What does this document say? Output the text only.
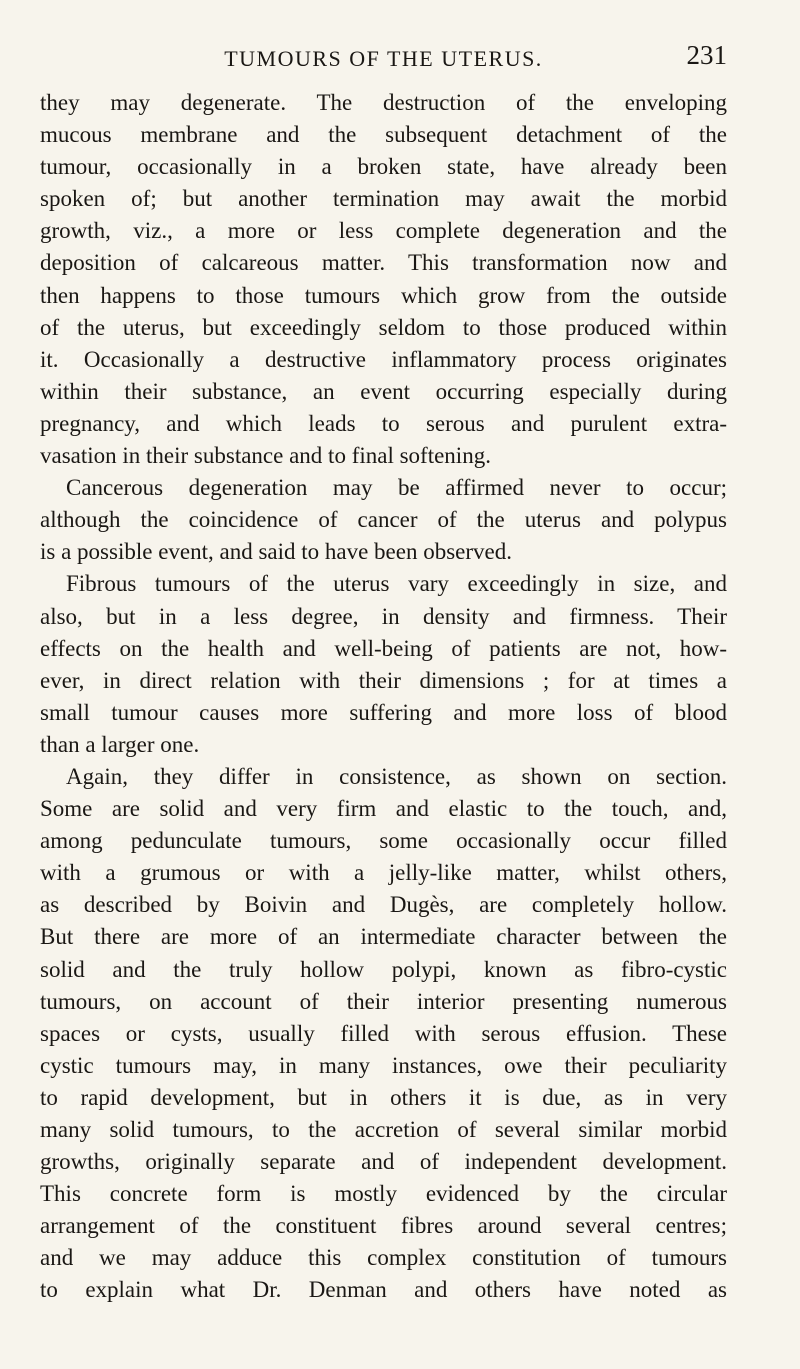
TUMOURS OF THE UTERUS.	231
they may degenerate. The destruction of the enveloping
mucous membrane and the subsequent detachment of the
tumour, occasionally in a broken state, have already been
spoken of; but another termination may await the morbid
growth, viz., a more or less complete degeneration and the
deposition of calcareous matter. This transformation now and
then happens to those tumours which grow from the outside
of the uterus, but exceedingly seldom to those produced within
it. Occasionally a destructive inflammatory process originates
within their substance, an event occurring especially during
pregnancy, and which leads to serous and purulent extra-
vasation in their substance and to final softening.
Cancerous degeneration may be affirmed never to occur;
although the coincidence of cancer of the uterus and polypus
is a possible event, and said to have been observed.
Fibrous tumours of the uterus vary exceedingly in size, and
also, but in a less degree, in density and firmness. Their
effects on the health and well-being of patients are not, how-
ever, in direct relation with their dimensions ; for at times a
small tumour causes more suffering and more loss of blood
than a larger one.
Again, they differ in consistence, as shown on section.
Some are solid and very firm and elastic to the touch, and,
among pedunculate tumours, some occasionally occur filled
with a grumous or with a jelly-like matter, whilst others,
as described by Boivin and Dugès, are completely hollow.
But there are more of an intermediate character between the
solid and the truly hollow polypi, known as fibro-cystic
tumours, on account of their interior presenting numerous
spaces or cysts, usually filled with serous effusion. These
cystic tumours may, in many instances, owe their peculiarity
to rapid development, but in others it is due, as in very
many solid tumours, to the accretion of several similar morbid
growths, originally separate and of independent development.
This concrete form is mostly evidenced by the circular
arrangement of the constituent fibres around several centres;
and we may adduce this complex constitution of tumours
to explain what Dr. Denman and others have noted as
